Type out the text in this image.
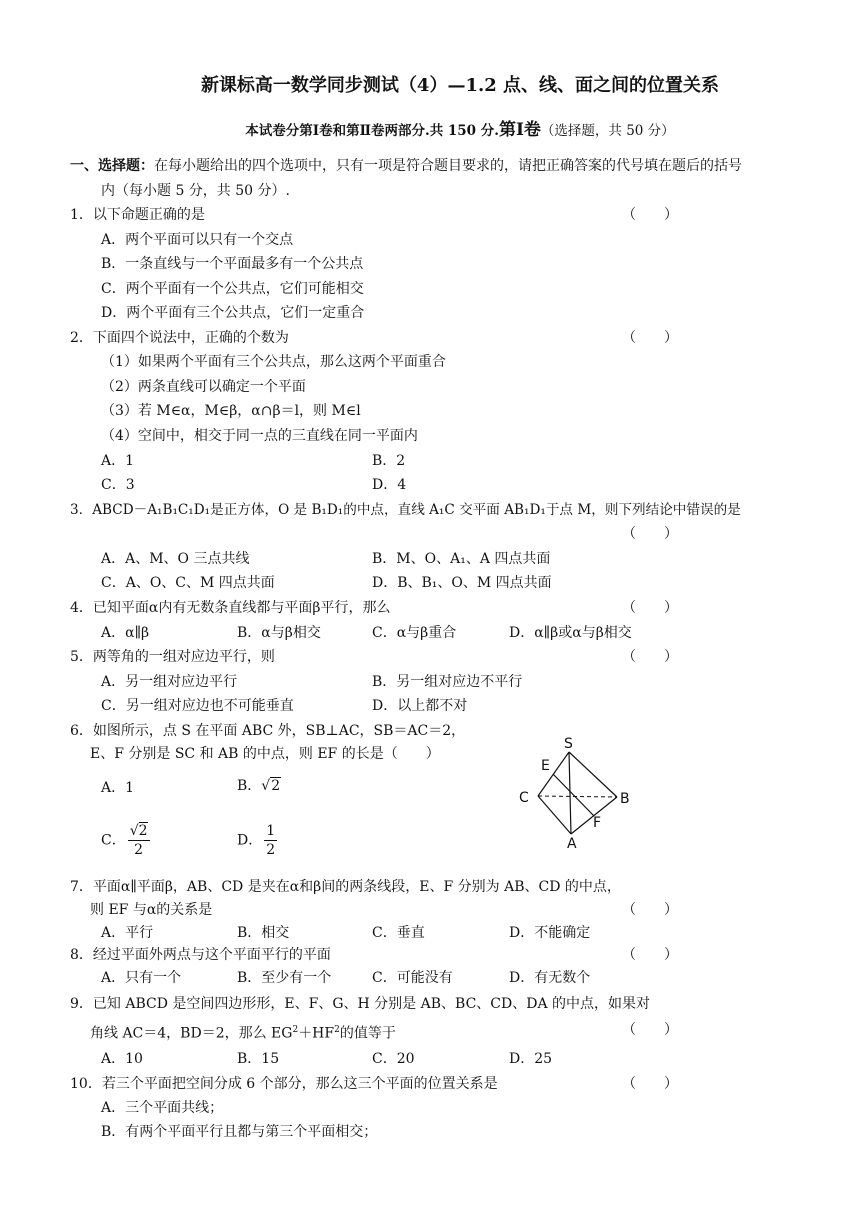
新课标高一数学同步测试（4）—1.2 点、线、面之间的位置关系
本试卷分第Ⅰ卷和第Ⅱ卷两部分.共 150 分.第Ⅰ卷（选择题，共 50 分）
一、选择题：在每小题给出的四个选项中，只有一项是符合题目要求的，请把正确答案的代号填在题后的括号
内（每小题 5 分，共 50 分）.
1．以下命题正确的是	（　　）
A．两个平面可以只有一个交点
B．一条直线与一个平面最多有一个公共点
C．两个平面有一个公共点，它们可能相交
D．两个平面有三个公共点，它们一定重合
2．下面四个说法中，正确的个数为	（　　）
（1）如果两个平面有三个公共点，那么这两个平面重合
（2）两条直线可以确定一个平面
（3）若 M∈α，M∈β，α∩β＝l，则 M∈l
（4）空间中，相交于同一点的三直线在同一平面内
A．1	B．2
C．3	D．4
3．ABCD－A₁B₁C₁D₁是正方体，O 是 B₁D₁的中点，直线 A₁C 交平面 AB₁D₁于点 M，则下列结论中错误的是
（　　）
A．A、M、O 三点共线	B．M、O、A₁、A 四点共面
C．A、O、C、M 四点共面	D．B、B₁、O、M 四点共面
4．已知平面α内有无数条直线都与平面β平行，那么	（　　）
A．α∥β	B．α与β相交	C．α与β重合	D．α∥β或α与β相交
5．两等角的一组对应边平行，则	（　　）
A．另一组对应边平行	B．另一组对应边不平行
C．另一组对应边也不可能垂直	D．以上都不对
6．如图所示，点 S 在平面 ABC 外，SB⊥AC，SB＝AC＝2，
E、F 分别是 SC 和 AB 的中点，则 EF 的长是（　　）
A．1	B．√2
C． $\frac{√2}{2}$	D． $\frac{1}{2}$
S
E
C	B
F
A
7．平面α∥平面β，AB、CD 是夹在α和β间的两条线段，E、F 分别为 AB、CD 的中点，
则 EF 与α的关系是	（　　）
A．平行	B．相交	C．垂直	D．不能确定
8．经过平面外两点与这个平面平行的平面	（　　）
A．只有一个	B．至少有一个	C．可能没有	D．有无数个
9．已知 ABCD 是空间四边形形，E、F、G、H 分别是 AB、BC、CD、DA 的中点，如果对
角线 AC＝4，BD＝2，那么 $EG^2+HF^2$的值等于	（　　）
A．10	B．15	C．20	D．25
10．若三个平面把空间分成 6 个部分，那么这三个平面的位置关系是	（　　）
A．三个平面共线；
B．有两个平面平行且都与第三个平面相交；
